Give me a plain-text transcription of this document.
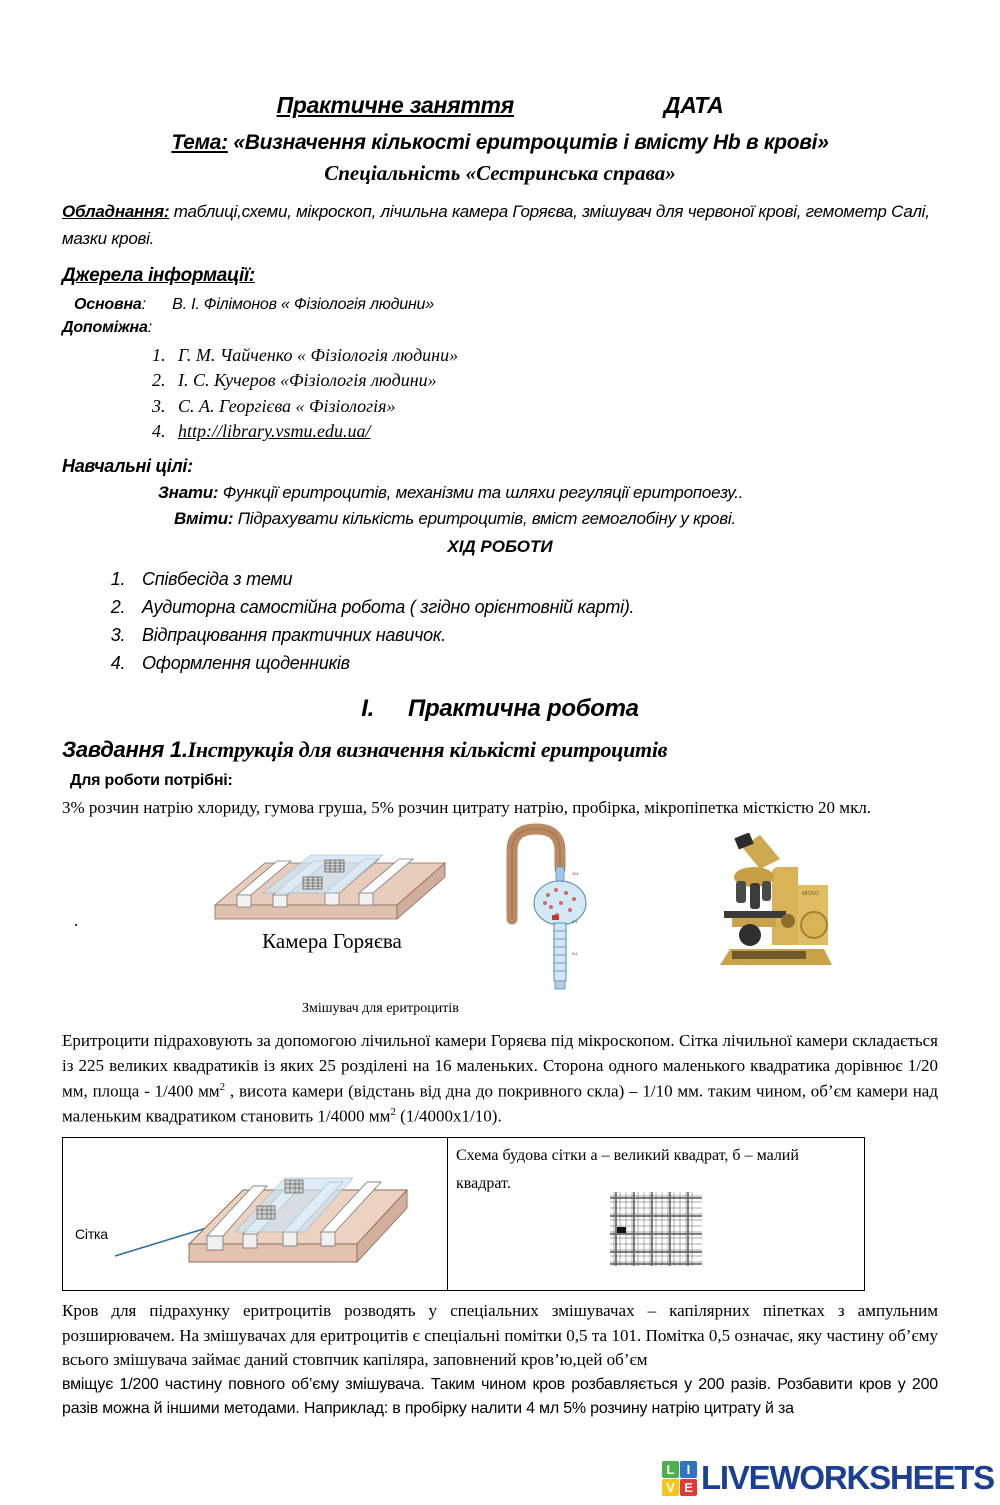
Практичне заняття	ДАТА
Тема: «Визначення кількості еритроцитів і вмісту Hb в крові»
Спеціальність «Сестринська справа»
Обладнання: таблиці,схеми, мікроскоп, лічильна камера Горяєва, змішувач для червоної крові, гемометр Салі, мазки крові.
Джерела інформації:
Основна: В. І. Філімонов « Фізіологія людини»
Допоміжна:
1. Г. М. Чайченко « Фізіологія людини»
2. І. С. Кучеров «Фізіологія людини»
3. С. А. Георгієва « Фізіологія»
4. http://library.vsmu.edu.ua/
Навчальні цілі:
Знати: Функції еритроцитів, механізми та шляхи регуляції еритропоезу..
Вміти: Підрахувати кількість еритроцитів, вміст гемоглобіну у крові.
ХІД РОБОТИ
1. Співбесіда з теми
2. Аудиторна самостійна робота ( згідно орієнтовній карті).
3. Відпрацювання практичних навичок.
4. Оформлення щоденників
I. Практична робота
Завдання 1.Інструкція для визначення кількісті еритроцитів
Для роботи потрібні:
3% розчин натрію хлориду, гумова груша, 5% розчин цитрату натрію, пробірка, мікропіпетка місткістю 20 мкл.
.
Камера Горяєва
101
0,5
0,6
MICRO
Змішувач для еритроцитів
Еритроцити підраховують за допомогою лічильної камери Горяєва під мікроскопом. Сітка лічильної камери складається із 225 великих квадратиків із яких 25 розділені на 16 маленьких. Сторона одного маленького квадратика дорівнює 1/20 мм, площа - 1/400 $мм^2$ , висота камери (відстань від дна до покривного скла) – 1/10 мм. таким чином, об’єм камери над маленьким квадратиком становить 1/4000 $мм^2$ (1/4000х1/10).
Сітка

Схема будова сітки а – великий квадрат, б – малий квадрат.
Кров для підрахунку еритроцитів розводять у спеціальних змішувачах – капілярних піпетках з ампульним розширювачем. На змішувачах для еритроцитів є спеціальні помітки 0,5 та 101. Помітка 0,5 означає, яку частину об’єму всього змішувача займає даний стовпчик капіляра, заповнений кров’ю,цей об’єм
вміщує 1/200 частину повного об’єму змішувача. Таким чином кров розбавляється у 200 разів. Розбавити кров у 200 разів можна й іншими методами. Наприклад: в пробірку налити 4 мл 5% розчину натрію цитрату й за
L I
V E LIVEWORKSHEETS
